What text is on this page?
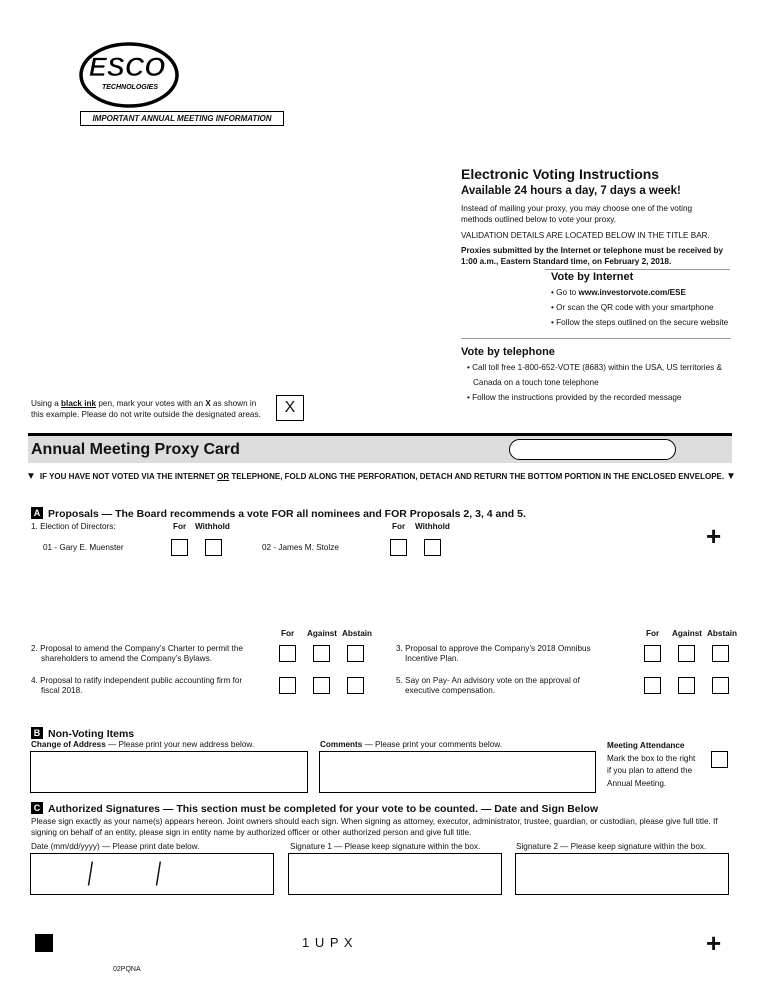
ESCO
TECHNOLOGIES
IMPORTANT ANNUAL MEETING INFORMATION
Electronic Voting Instructions
Available 24 hours a day, 7 days a week!
Instead of mailing your proxy, you may choose one of the voting
methods outlined below to vote your proxy.
VALIDATION DETAILS ARE LOCATED BELOW IN THE TITLE BAR.
Proxies submitted by the Internet or telephone must be received by
1:00 a.m., Eastern Standard time, on February 2, 2018.
Vote by Internet
• Go to www.investorvote.com/ESE
• Or scan the QR code with your smartphone
• Follow the steps outlined on the secure website
Vote by telephone
• Call toll free 1-800-652-VOTE (8683) within the USA, US territories &
Canada on a touch tone telephone
• Follow the instructions provided by the recorded message
Using a black ink pen, mark your votes with an X as shown in
this example. Please do not write outside the designated areas.	X
Annual Meeting Proxy Card
▼ IF YOU HAVE NOT VOTED VIA THE INTERNET OR TELEPHONE, FOLD ALONG THE PERFORATION, DETACH AND RETURN THE BOTTOM PORTION IN THE ENCLOSED ENVELOPE. ▼
A Proposals — The Board recommends a vote FOR all nominees and FOR Proposals 2, 3, 4 and 5.
1. Election of Directors:	For Withhold	For Withhold
01 - Gary E. Muenster	02 - James M. Stolze	+
For Against Abstain	For Against Abstain
2. Proposal to amend the Company’s Charter to permit the
shareholders to amend the Company’s Bylaws.
3. Proposal to approve the Company’s 2018 Omnibus
Incentive Plan.
4. Proposal to ratify independent public accounting firm for
fiscal 2018.
5. Say on Pay- An advisory vote on the approval of
executive compensation.
B Non-Voting Items
Change of Address — Please print your new address below.	Comments — Please print your comments below.	Meeting Attendance
Mark the box to the right
if you plan to attend the
Annual Meeting.
C Authorized Signatures — This section must be completed for your vote to be counted. — Date and Sign Below
Please sign exactly as your name(s) appears hereon. Joint owners should each sign. When signing as attorney, executor, administrator, trustee, guardian, or custodian, please give full title. If
signing on behalf of an entity, please sign in entity name by authorized officer or other authorized person and give full title.
Date (mm/dd/yyyy) — Please print date below.
/ /
Signature 1 — Please keep signature within the box.	Signature 2 — Please keep signature within the box.
1 U P X	+
02PQNA
